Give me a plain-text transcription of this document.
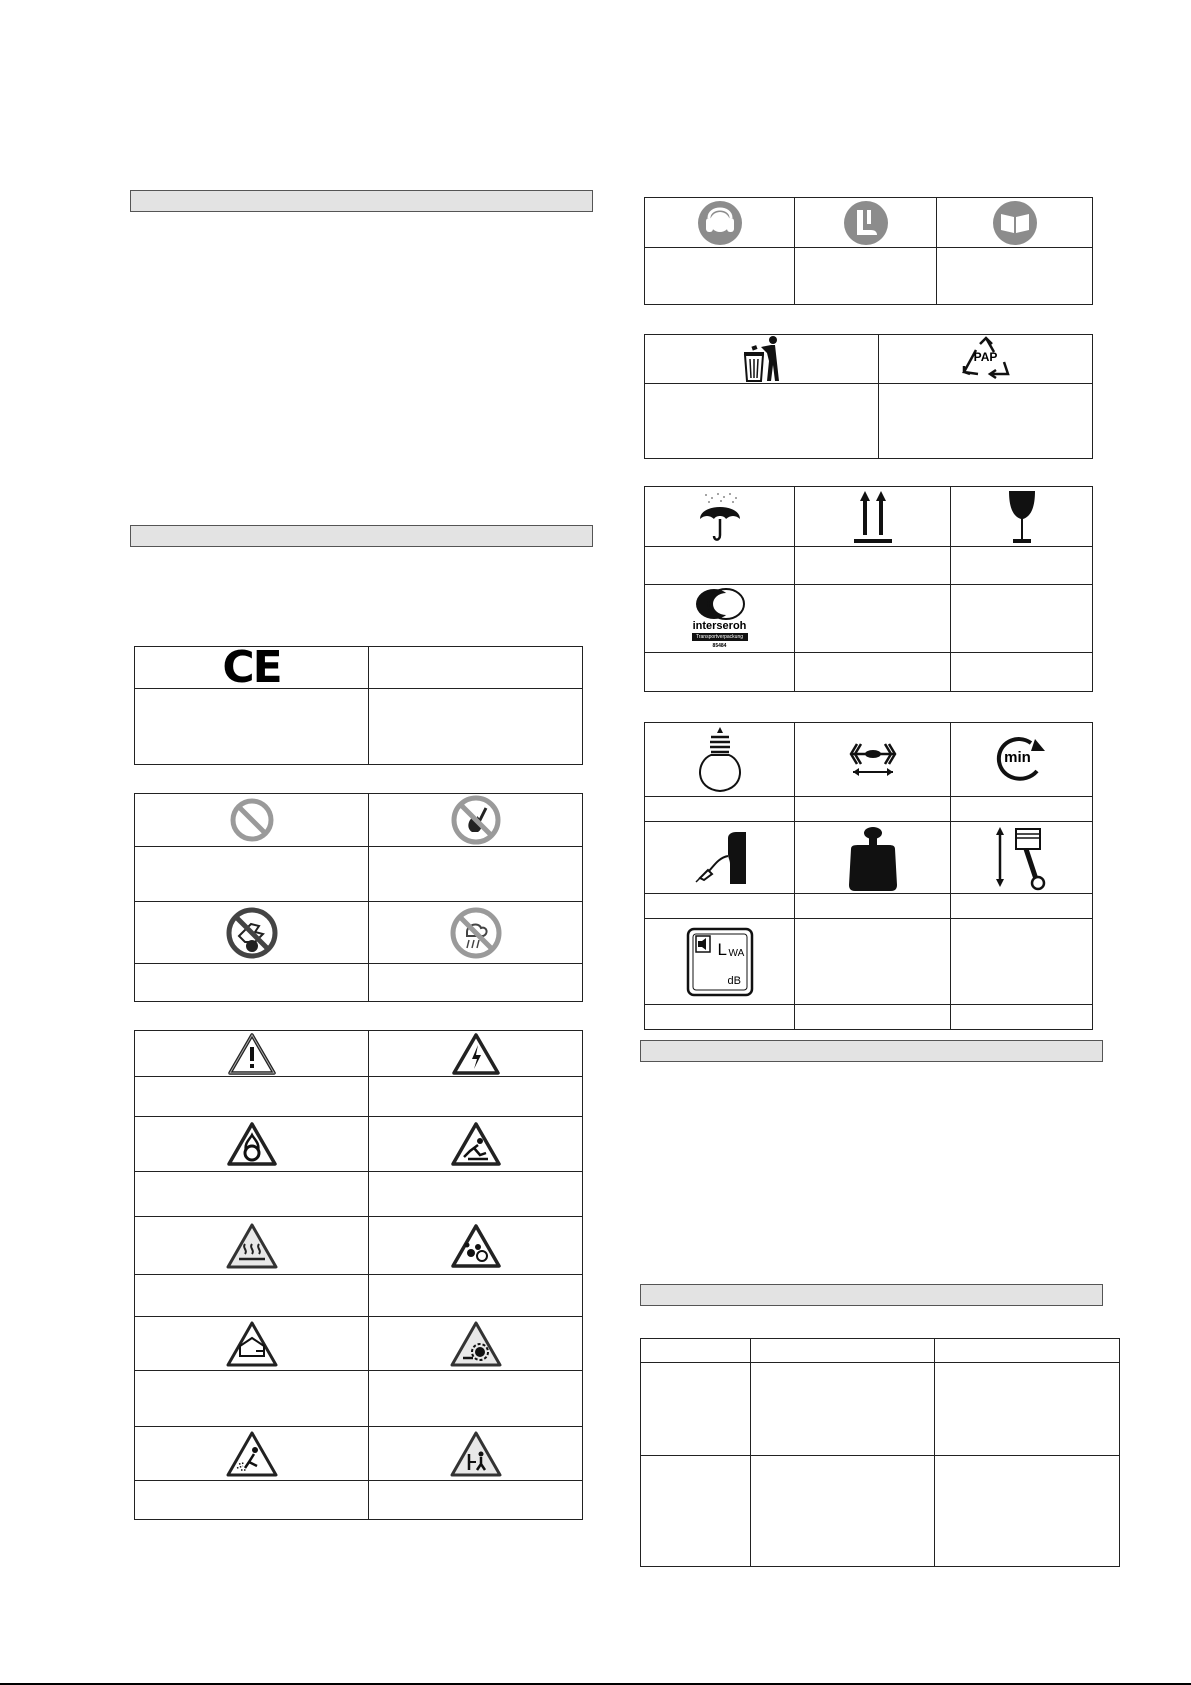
CE	

PAP

interseroh
Transportverpackung
85484		

min

L WA
dB		
